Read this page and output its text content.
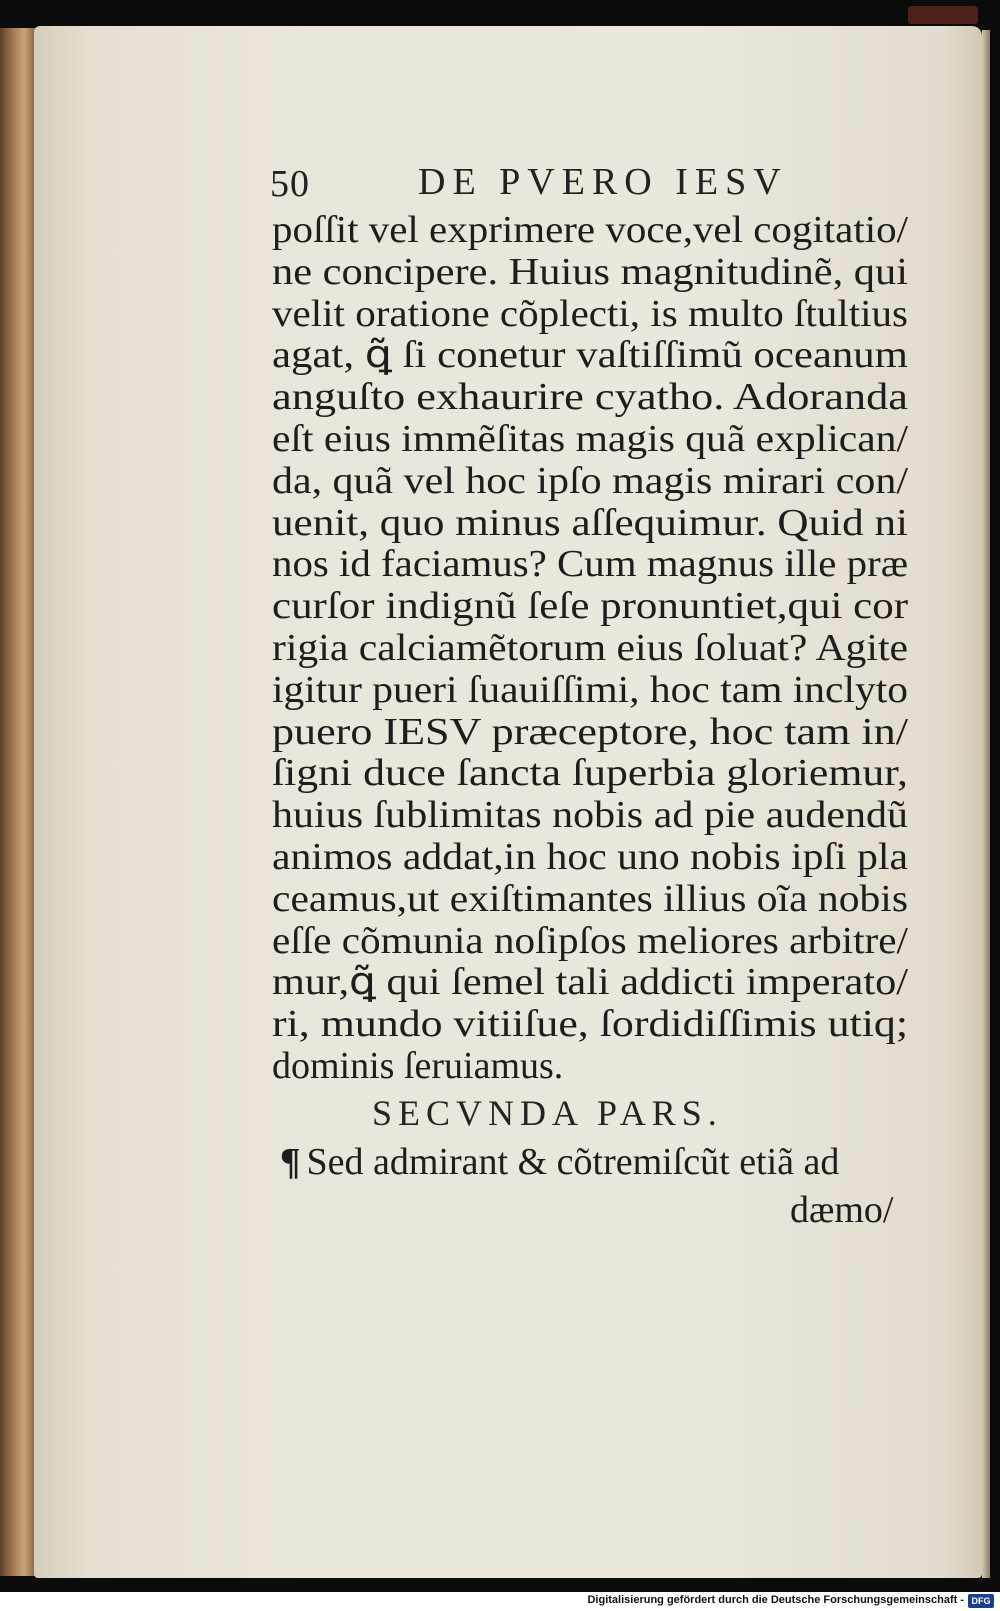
50	DE PVERO IESV
poſſit vel exprimere voce,vel cogitatio/
ne concipere. Huius magnitudinẽ, qui
velit oratione cõplecti, is multo ſtultius
agat, ꝗ̃ ſi conetur vaſtiſſimũ oceanum
anguſto exhaurire cyatho. Adoranda
eſt eius immẽſitas magis quã explican/
da, quã vel hoc ipſo magis mirari con/
uenit, quo minus aſſequimur. Quid ni
nos id faciamus? Cum magnus ille præ
curſor indignũ ſeſe pronuntiet,qui cor
rigia calciamẽtorum eius ſoluat? Agite
igitur pueri ſuauiſſimi, hoc tam inclyto
puero IESV præceptore, hoc tam in/
ſigni duce ſancta ſuperbia gloriemur,
huius ſublimitas nobis ad pie audendũ
animos addat,in hoc uno nobis ipſi pla
ceamus,ut exiſtimantes illius oĩa nobis
eſſe cõmunia noſipſos meliores arbitre/
mur,ꝗ̃ qui ſemel tali addicti imperato/
ri, mundo vitiiſue, ſordidiſſimis utiq;
dominis ſeruiamus.
SECVNDA PARS.
¶ Sed admirant & cõtremiſcũt etiã ad
dæmo/
Digitalisierung gefördert durch die Deutsche Forschungsgemeinschaft - DFG
